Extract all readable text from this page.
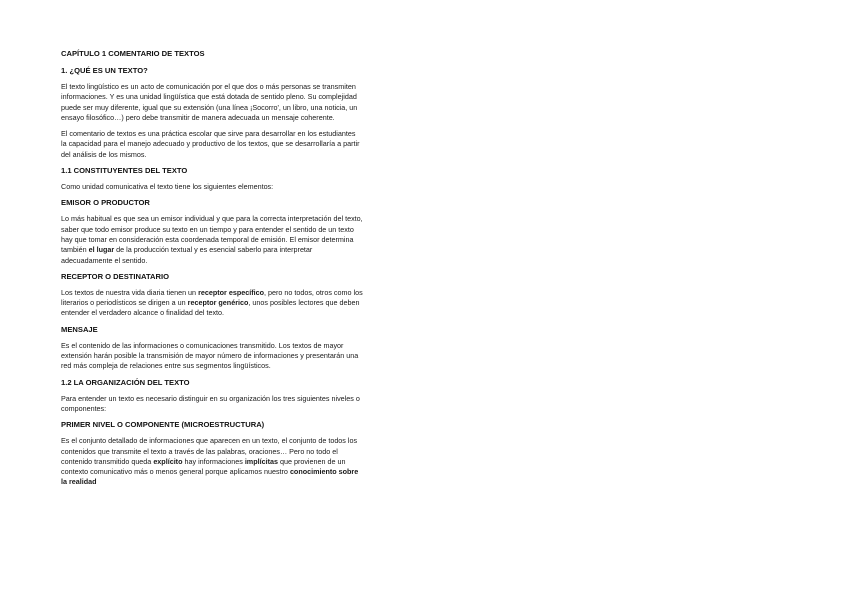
CAPÍTULO 1 COMENTARIO DE TEXTOS
1. ¿QUÉ ES UN TEXTO?

El texto lingüístico es un acto de comunicación por el que dos o más personas se transmiten informaciones. Y es una unidad lingüística que está dotada de sentido pleno. Su complejidad puede ser muy diferente, igual que su extensión (una línea ¡Socorro', un libro, una noticia, un ensayo filosófico…) pero debe transmitir de manera adecuada un mensaje coherente.

El comentario de textos es una práctica escolar que sirve para desarrollar en los estudiantes la capacidad para el manejo adecuado y productivo de los textos, que se desarrollaría a partir del análisis de los mismos.

1.1 CONSTITUYENTES DEL TEXTO

Como unidad comunicativa el texto tiene los siguientes elementos:

EMISOR O PRODUCTOR

Lo más habitual es que sea un emisor individual y que para la correcta interpretación del texto, saber que todo emisor produce su texto en un tiempo y para entender el sentido de un texto hay que tomar en consideración esta coordenada temporal de emisión. El emisor determina también el lugar de la producción textual y es esencial saberlo para interpretar adecuadamente el sentido.

RECEPTOR O DESTINATARIO

Los textos de nuestra vida diaria tienen un receptor específico, pero no todos, otros como los literarios o periodísticos se dirigen a un receptor genérico, unos posibles lectores que deben entender el verdadero alcance o finalidad del texto.

MENSAJE

Es el contenido de las informaciones o comunicaciones transmitido. Los textos de mayor extensión harán posible la transmisión de mayor número de informaciones y presentarán una red más compleja de relaciones entre sus segmentos lingüísticos.

1.2 LA ORGANIZACIÓN DEL TEXTO

Para entender un texto es necesario distinguir en su organización los tres siguientes niveles o componentes:

PRIMER NIVEL O COMPONENTE (MICROESTRUCTURA)

Es el conjunto detallado de informaciones que aparecen en un texto, el conjunto de todos los contenidos que transmite el texto a través de las palabras, oraciones… Pero no todo el contenido transmitido queda explícito hay informaciones implícitas que provienen de un contexto comunicativo más o menos general porque aplicamos nuestro conocimiento sobre la realidad
